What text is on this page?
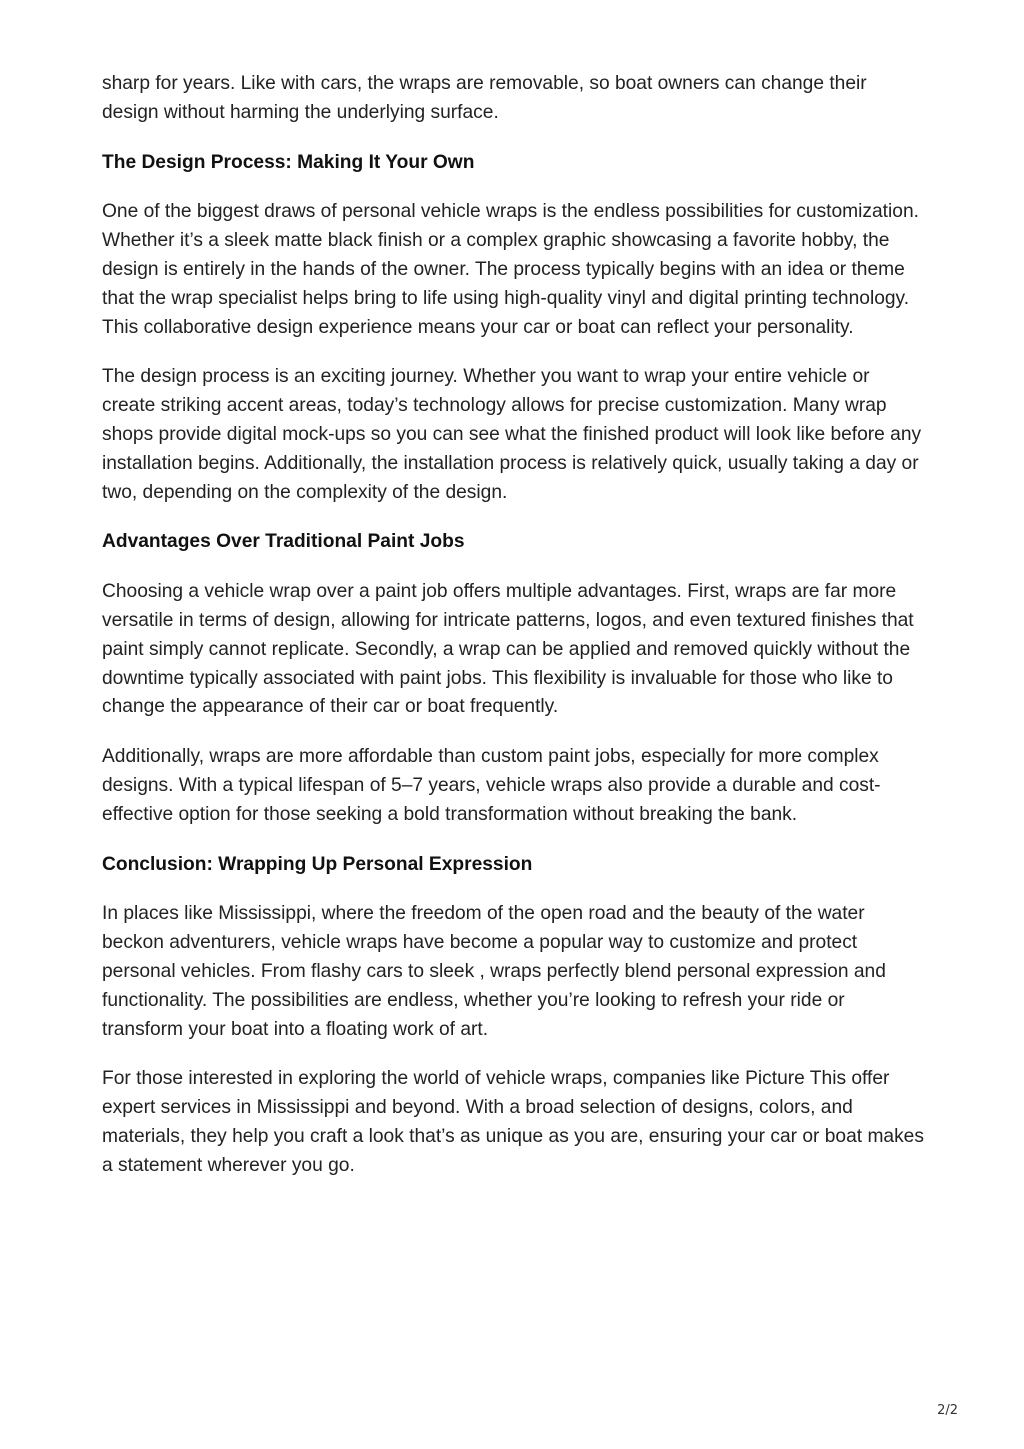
sharp for years. Like with cars, the wraps are removable, so boat owners can change their design without harming the underlying surface.

The Design Process: Making It Your Own

One of the biggest draws of personal vehicle wraps is the endless possibilities for customization. Whether it’s a sleek matte black finish or a complex graphic showcasing a favorite hobby, the design is entirely in the hands of the owner. The process typically begins with an idea or theme that the wrap specialist helps bring to life using high-quality vinyl and digital printing technology. This collaborative design experience means your car or boat can reflect your personality.

The design process is an exciting journey. Whether you want to wrap your entire vehicle or create striking accent areas, today’s technology allows for precise customization. Many wrap shops provide digital mock-ups so you can see what the finished product will look like before any installation begins. Additionally, the installation process is relatively quick, usually taking a day or two, depending on the complexity of the design.

Advantages Over Traditional Paint Jobs

Choosing a vehicle wrap over a paint job offers multiple advantages. First, wraps are far more versatile in terms of design, allowing for intricate patterns, logos, and even textured finishes that paint simply cannot replicate. Secondly, a wrap can be applied and removed quickly without the downtime typically associated with paint jobs. This flexibility is invaluable for those who like to change the appearance of their car or boat frequently.

Additionally, wraps are more affordable than custom paint jobs, especially for more complex designs. With a typical lifespan of 5–7 years, vehicle wraps also provide a durable and cost-effective option for those seeking a bold transformation without breaking the bank.

Conclusion: Wrapping Up Personal Expression

In places like Mississippi, where the freedom of the open road and the beauty of the water beckon adventurers, vehicle wraps have become a popular way to customize and protect personal vehicles. From flashy cars to sleek , wraps perfectly blend personal expression and functionality. The possibilities are endless, whether you’re looking to refresh your ride or transform your boat into a floating work of art.

For those interested in exploring the world of vehicle wraps, companies like Picture This offer expert services in Mississippi and beyond. With a broad selection of designs, colors, and materials, they help you craft a look that’s as unique as you are, ensuring your car or boat makes a statement wherever you go.

2/2
